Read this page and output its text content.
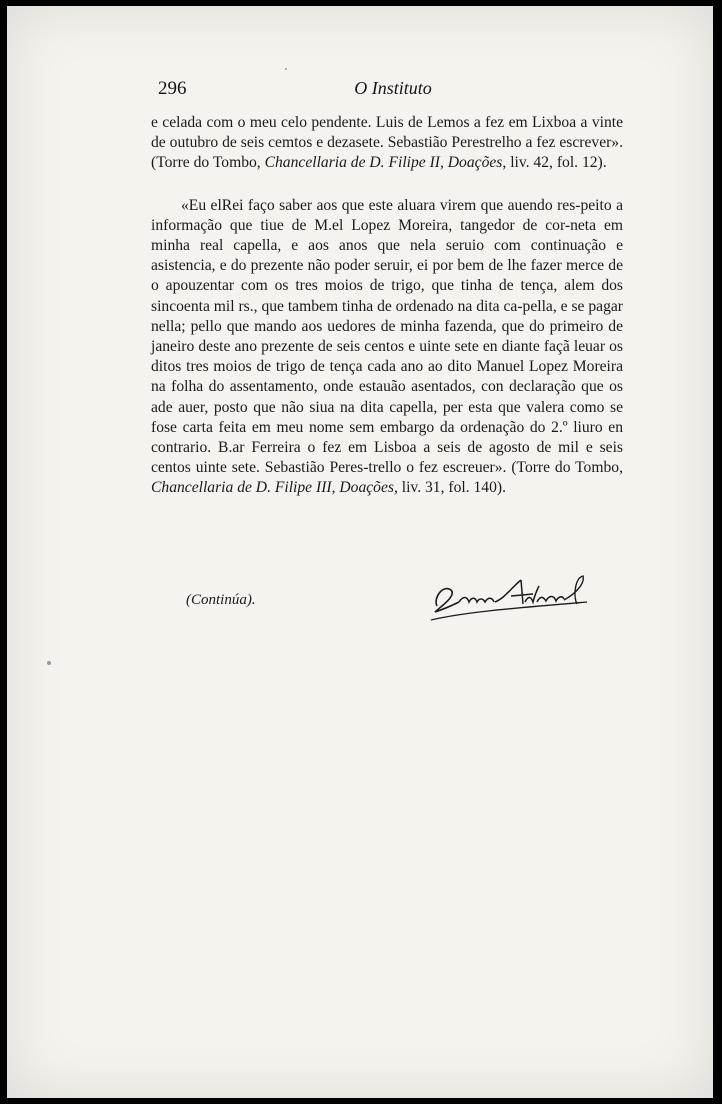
296	O Instituto

e celada com o meu celo pendente. Luis de Lemos a fez em Lixboa a vinte de outubro de seis cemtos e dezasete. Sebastião Perestrelho a fez escrever». (Torre do Tombo, Chancellaria de D. Filipe II, Doações, liv. 42, fol. 12).

«Eu elRei faço saber aos que este aluara virem que auendo res-peito a informação que tiue de M.el Lopez Moreira, tangedor de cor-neta em minha real capella, e aos anos que nela seruio com continuação e asistencia, e do prezente não poder seruir, ei por bem de lhe fazer merce de o apouzentar com os tres moios de trigo, que tinha de tença, alem dos sincoenta mil rs., que tambem tinha de ordenado na dita ca-pella, e se pagar nella; pello que mando aos uedores de minha fazenda, que do primeiro de janeiro deste ano prezente de seis centos e uinte sete en diante façã leuar os ditos tres moios de trigo de tença cada ano ao dito Manuel Lopez Moreira na folha do assentamento, onde estauão asentados, con declaração que os ade auer, posto que não siua na dita capella, per esta que valera como se fose carta feita em meu nome sem embargo da ordenação do 2.º liuro en contrario. B.ar Ferreira o fez em Lisboa a seis de agosto de mil e seis centos uinte sete. Sebastião Peres-trello o fez escreuer». (Torre do Tombo, Chancellaria de D. Filipe III, Doações, liv. 31, fol. 140).

(Continúa).
